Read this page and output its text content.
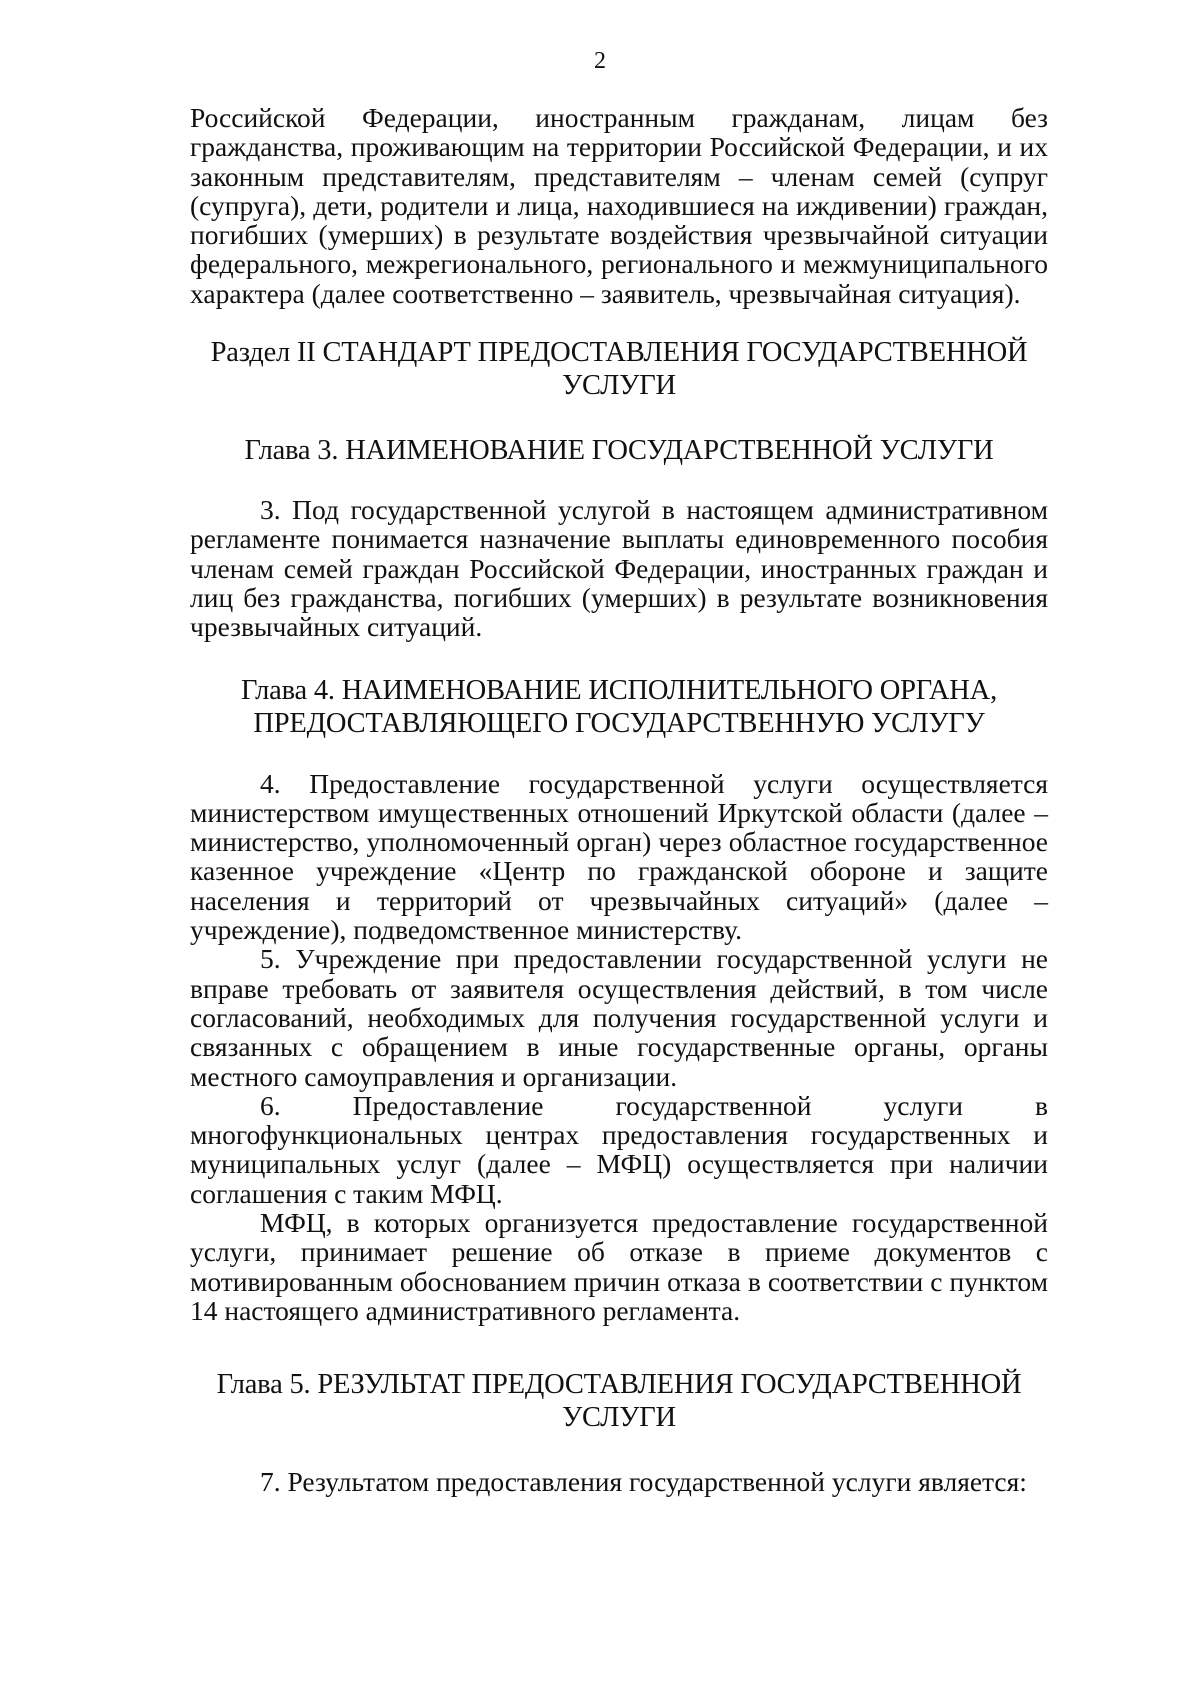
2

Российской Федерации, иностранным гражданам, лицам без гражданства, проживающим на территории Российской Федерации, и их законным представителям, представителям – членам семей (супруг (супруга), дети, родители и лица, находившиеся на иждивении) граждан, погибших (умерших) в результате воздействия чрезвычайной ситуации федерального, межрегионального, регионального и межмуниципального характера (далее соответственно – заявитель, чрезвычайная ситуация).

Раздел II СТАНДАРТ ПРЕДОСТАВЛЕНИЯ ГОСУДАРСТВЕННОЙ
УСЛУГИ
Глава 3. НАИМЕНОВАНИЕ ГОСУДАРСТВЕННОЙ УСЛУГИ

3. Под государственной услугой в настоящем административном регламенте понимается назначение выплаты единовременного пособия членам семей граждан Российской Федерации, иностранных граждан и лиц без гражданства, погибших (умерших) в результате возникновения чрезвычайных ситуаций.

Глава 4. НАИМЕНОВАНИЕ ИСПОЛНИТЕЛЬНОГО ОРГАНА,
ПРЕДОСТАВЛЯЮЩЕГО ГОСУДАРСТВЕННУЮ УСЛУГУ

4. Предоставление государственной услуги осуществляется министерством имущественных отношений Иркутской области (далее – министерство, уполномоченный орган) через областное государственное казенное учреждение «Центр по гражданской обороне и защите населения и территорий от чрезвычайных ситуаций» (далее – учреждение), подведомственное министерству.

5. Учреждение при предоставлении государственной услуги не вправе требовать от заявителя осуществления действий, в том числе согласований, необходимых для получения государственной услуги и связанных с обращением в иные государственные органы, органы местного самоуправления и организации.

6. Предоставление государственной услуги в многофункциональных центрах предоставления государственных и муниципальных услуг (далее – МФЦ) осуществляется при наличии соглашения с таким МФЦ.

МФЦ, в которых организуется предоставление государственной услуги, принимает решение об отказе в приеме документов с мотивированным обоснованием причин отказа в соответствии с пунктом 14 настоящего административного регламента.

Глава 5. РЕЗУЛЬТАТ ПРЕДОСТАВЛЕНИЯ ГОСУДАРСТВЕННОЙ
УСЛУГИ

7. Результатом предоставления государственной услуги является:
